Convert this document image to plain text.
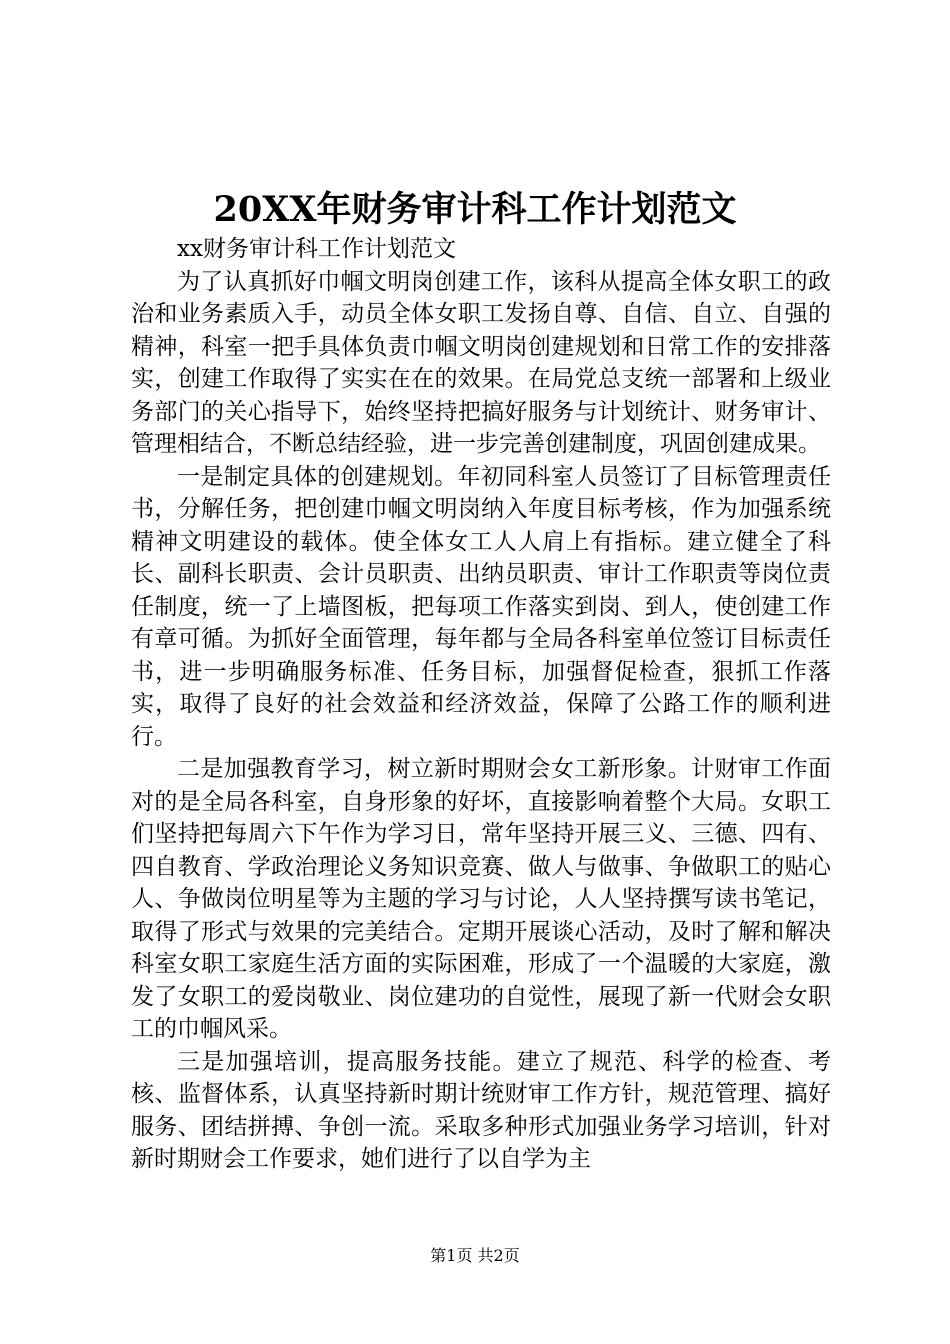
20XX年财务审计科工作计划范文

xx财务审计科工作计划范文

为了认真抓好巾帼文明岗创建工作，该科从提高全体女职工的政治和业务素质入手，动员全体女职工发扬自尊、自信、自立、自强的精神，科室一把手具体负责巾帼文明岗创建规划和日常工作的安排落实，创建工作取得了实实在在的效果。在局党总支统一部署和上级业务部门的关心指导下，始终坚持把搞好服务与计划统计、财务审计、管理相结合，不断总结经验，进一步完善创建制度，巩固创建成果。

一是制定具体的创建规划。年初同科室人员签订了目标管理责任书，分解任务，把创建巾帼文明岗纳入年度目标考核，作为加强系统精神文明建设的载体。使全体女工人人肩上有指标。建立健全了科长、副科长职责、会计员职责、出纳员职责、审计工作职责等岗位责任制度，统一了上墙图板，把每项工作落实到岗、到人，使创建工作有章可循。为抓好全面管理，每年都与全局各科室单位签订目标责任书，进一步明确服务标准、任务目标，加强督促检查，狠抓工作落实，取得了良好的社会效益和经济效益，保障了公路工作的顺利进行。

二是加强教育学习，树立新时期财会女工新形象。计财审工作面对的是全局各科室，自身形象的好坏，直接影响着整个大局。女职工们坚持把每周六下午作为学习日，常年坚持开展三义、三德、四有、四自教育、学政治理论义务知识竞赛、做人与做事、争做职工的贴心人、争做岗位明星等为主题的学习与讨论，人人坚持撰写读书笔记，取得了形式与效果的完美结合。定期开展谈心活动，及时了解和解决科室女职工家庭生活方面的实际困难，形成了一个温暖的大家庭，激发了女职工的爱岗敬业、岗位建功的自觉性，展现了新一代财会女职工的巾帼风采。

三是加强培训，提高服务技能。建立了规范、科学的检查、考核、监督体系，认真坚持新时期计统财审工作方针，规范管理、搞好服务、团结拼搏、争创一流。采取多种形式加强业务学习培训，针对新时期财会工作要求，她们进行了以自学为主

第1页 共2页
